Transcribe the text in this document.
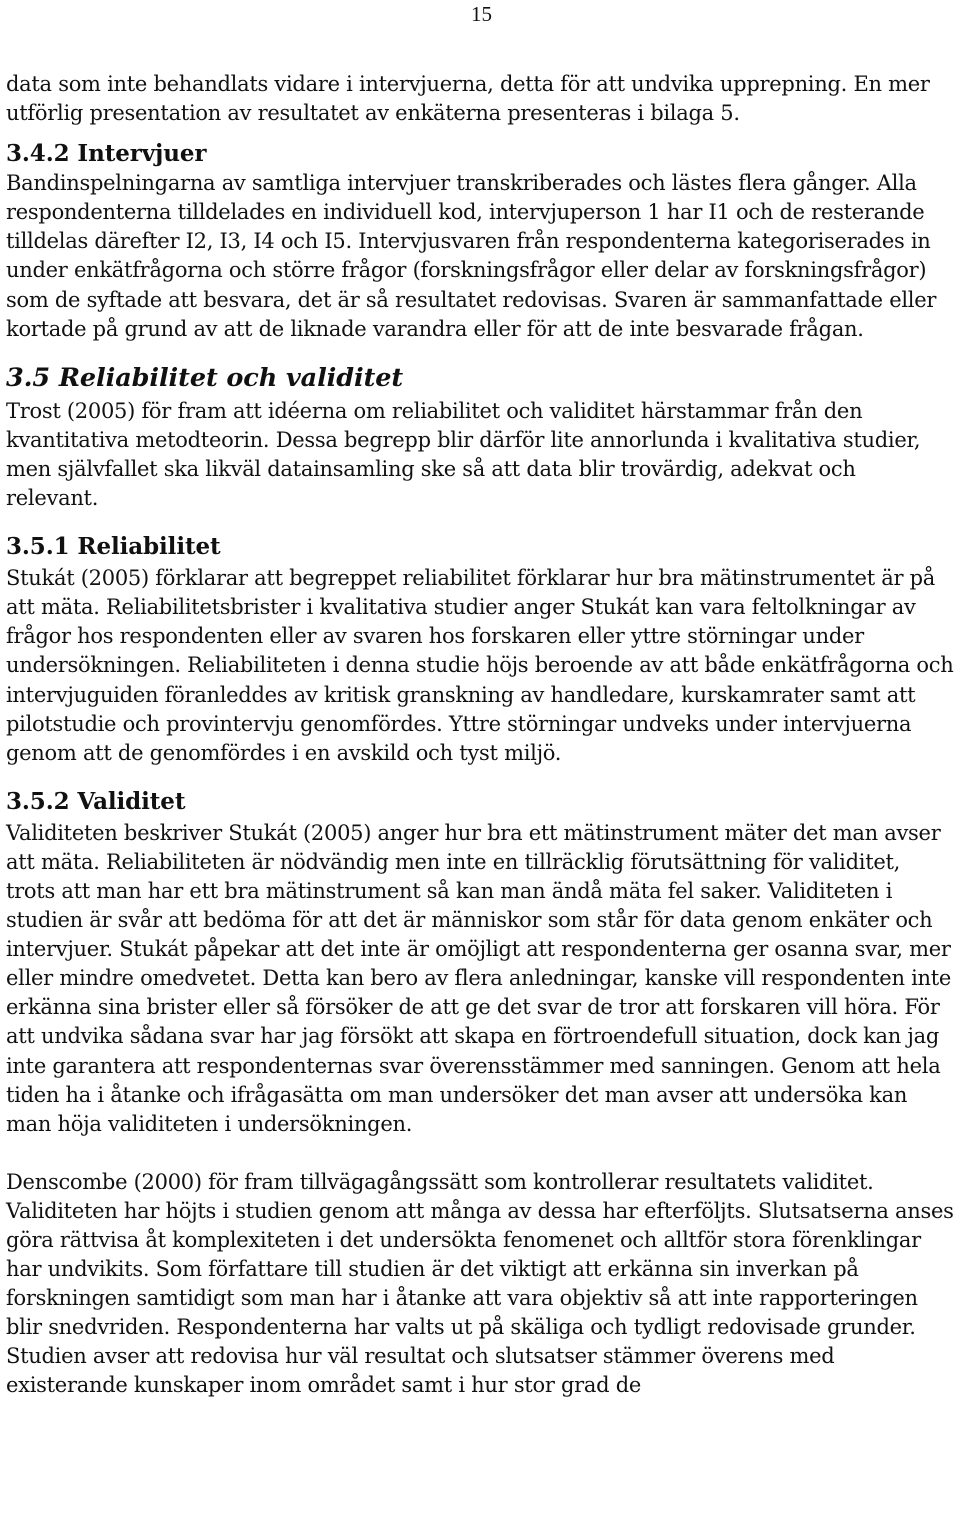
15

data som inte behandlats vidare i intervjuerna, detta för att undvika upprepning. En mer utförlig presentation av resultatet av enkäterna presenteras i bilaga 5.

3.4.2 Intervjuer

Bandinspelningarna av samtliga intervjuer transkriberades och lästes flera gånger. Alla respondenterna tilldelades en individuell kod, intervjuperson 1 har I1 och de resterande tilldelas därefter I2, I3, I4 och I5. Intervjusvaren från respondenterna kategoriserades in under enkätfrågorna och större frågor (forskningsfrågor eller delar av forskningsfrågor) som de syftade att besvara, det är så resultatet redovisas. Svaren är sammanfattade eller kortade på grund av att de liknade varandra eller för att de inte besvarade frågan.

3.5 Reliabilitet och validitet

Trost (2005) för fram att idéerna om reliabilitet och validitet härstammar från den kvantitativa metodteorin. Dessa begrepp blir därför lite annorlunda i kvalitativa studier, men självfallet ska likväl datainsamling ske så att data blir trovärdig, adekvat och relevant.

3.5.1 Reliabilitet

Stukát (2005) förklarar att begreppet reliabilitet förklarar hur bra mätinstrumentet är på att mäta. Reliabilitetsbrister i kvalitativa studier anger Stukát kan vara feltolkningar av frågor hos respondenten eller av svaren hos forskaren eller yttre störningar under undersökningen. Reliabiliteten i denna studie höjs beroende av att både enkätfrågorna och intervjuguiden föranleddes av kritisk granskning av handledare, kurskamrater samt att pilotstudie och provintervju genomfördes. Yttre störningar undveks under intervjuerna genom att de genomfördes i en avskild och tyst miljö.

3.5.2 Validitet

Validiteten beskriver Stukát (2005) anger hur bra ett mätinstrument mäter det man avser att mäta. Reliabiliteten är nödvändig men inte en tillräcklig förutsättning för validitet, trots att man har ett bra mätinstrument så kan man ändå mäta fel saker. Validiteten i studien är svår att bedöma för att det är människor som står för data genom enkäter och intervjuer. Stukát påpekar att det inte är omöjligt att respondenterna ger osanna svar, mer eller mindre omedvetet. Detta kan bero av flera anledningar, kanske vill respondenten inte erkänna sina brister eller så försöker de att ge det svar de tror att forskaren vill höra. För att undvika sådana svar har jag försökt att skapa en förtroendefull situation, dock kan jag inte garantera att respondenternas svar överensstämmer med sanningen. Genom att hela tiden ha i åtanke och ifrågasätta om man undersöker det man avser att undersöka kan man höja validiteten i undersökningen.

Denscombe (2000) för fram tillvägagångssätt som kontrollerar resultatets validitet. Validiteten har höjts i studien genom att många av dessa har efterföljts. Slutsatserna anses göra rättvisa åt komplexiteten i det undersökta fenomenet och alltför stora förenklingar har undvikits. Som författare till studien är det viktigt att erkänna sin inverkan på forskningen samtidigt som man har i åtanke att vara objektiv så att inte rapporteringen blir snedvriden. Respondenterna har valts ut på skäliga och tydligt redovisade grunder. Studien avser att redovisa hur väl resultat och slutsatser stämmer överens med existerande kunskaper inom området samt i hur stor grad de
